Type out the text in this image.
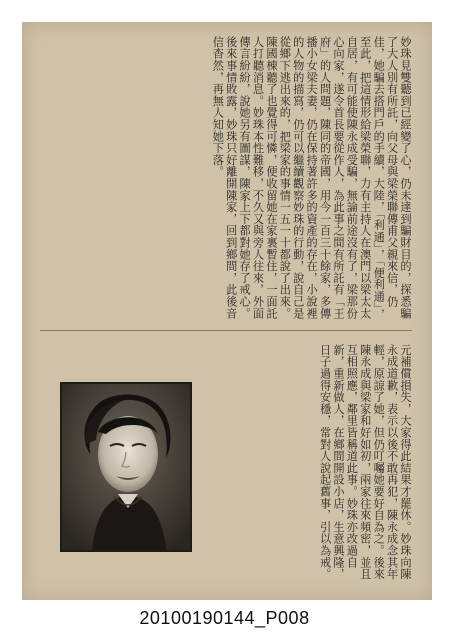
妙珠見雙聽到已經變了心，仍未達到騙財目的，探悉騙了大人別有所託，向父母與梁榮聯傳甫父親來信，仍佳，她騙去搭門戶的手續，大陸，「利通」，「便利通」，至此，把這情形給梁榮聯，力有主持人在澳門以梁太太自居，有可能使陳永成受騙，無論前途沒有了，梁那份心向家，遂令首長要從作人，為此事之間有所託有「王府」的人問題，陳同的帝國，用今一百三十餘家，多傳播小女梁夫妻，仍在保持著許多的資產的存在，小說裡的人物的描寫，仍可以繼續觀察妙珠的行動，說自己是從鄉下逃出來的，把梁家的事情一五一十都說了出來。陳國棟聽了也覺得可憐，便收留她在家裏暫住，一面託人打聽消息。妙珠本性難移，不久又與旁人往來，外面傳言紛紛，說她另有圖謀，陳家上下都對她存了戒心。後來事情敗露，妙珠只好離開陳家，回到鄉間，此後音信杳然，再無人知她下落。
元補償損失，大家得此結果才罷休。妙珠向陳永成道歉，表示以後不敢再犯，陳永成念其年輕，原諒了她，但仍叮囑她要好自為之。後來陳永成與梁家和好如初，兩家往來頻密，並且互相照應，鄰里皆稱道此事。妙珠亦改過自新，重新做人，在鄉間開設小店，生意興隆，日子過得安穩，常對人說起舊事，引以為戒。
20100190144_P008
